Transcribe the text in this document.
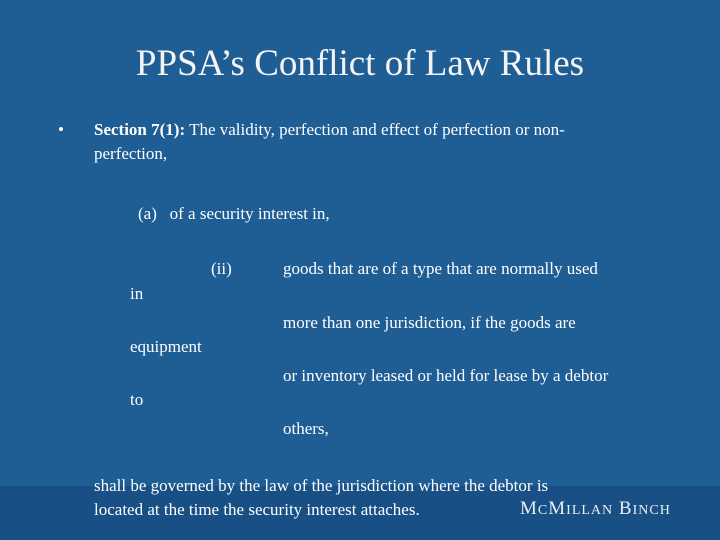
PPSA’s Conflict of Law Rules
• Section 7(1): The validity, perfection and effect of perfection or non-
perfection,
(a)   of a security interest in,
(ii)	goods that are of a type that are normally used
in
more than one jurisdiction, if the goods are
equipment
or inventory leased or held for lease by a debtor
to
others,
shall be governed by the law of the jurisdiction where the debtor is
located at the time the security interest attaches.	MCMILLAN BINCH
